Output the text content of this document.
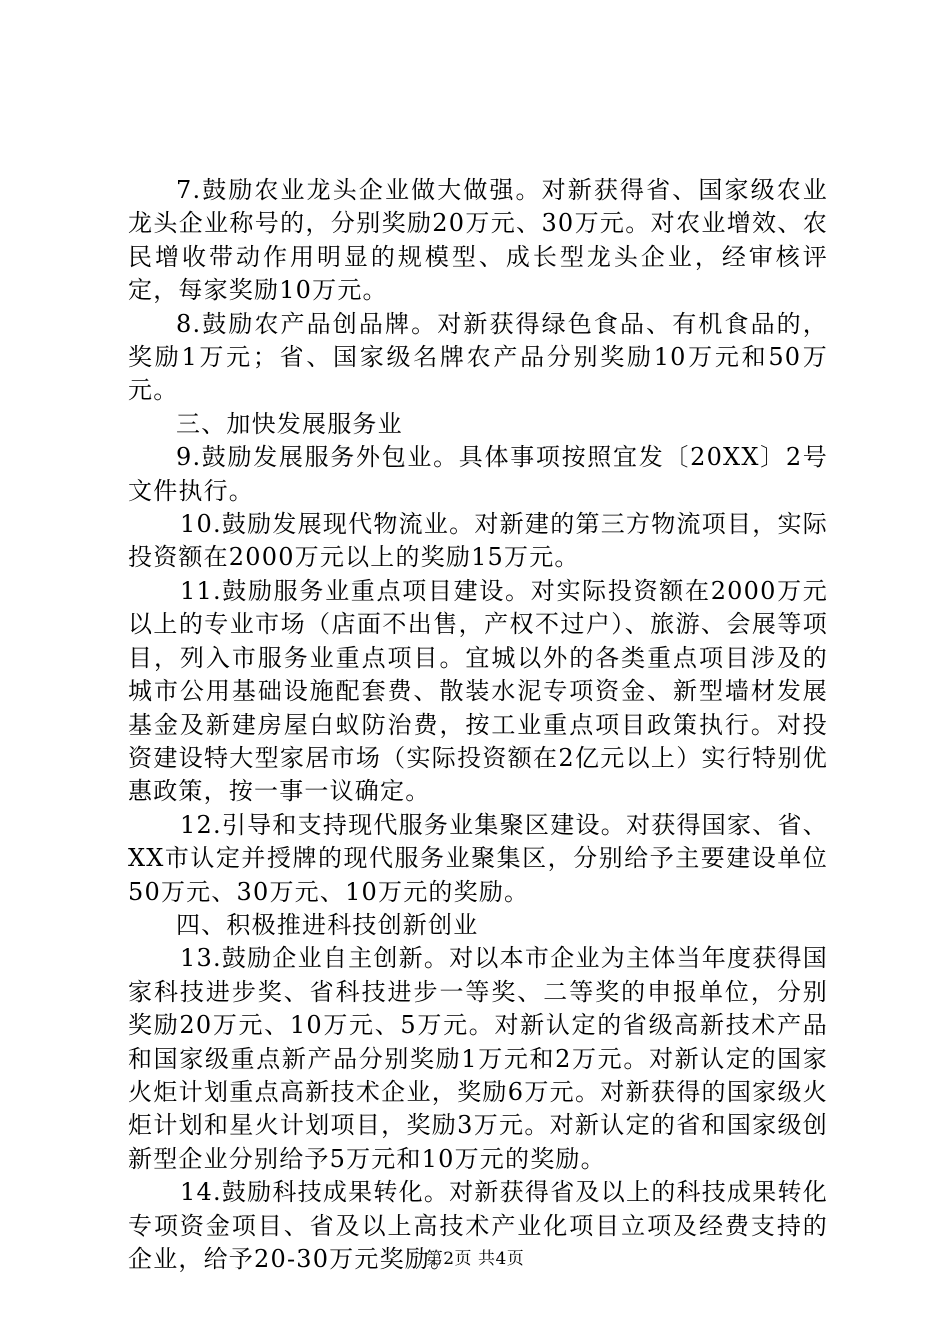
7.鼓励农业龙头企业做大做强。对新获得省、国家级农业龙头企业称号的，分别奖励20万元、30万元。对农业增效、农民增收带动作用明显的规模型、成长型龙头企业，经审核评定，每家奖励10万元。

8.鼓励农产品创品牌。对新获得绿色食品、有机食品的，奖励1万元；省、国家级名牌农产品分别奖励10万元和50万元。

三、加快发展服务业

9.鼓励发展服务外包业。具体事项按照宜发〔20XX〕2号文件执行。

10.鼓励发展现代物流业。对新建的第三方物流项目，实际投资额在2000万元以上的奖励15万元。

11.鼓励服务业重点项目建设。对实际投资额在2000万元以上的专业市场（店面不出售，产权不过户）、旅游、会展等项目，列入市服务业重点项目。宜城以外的各类重点项目涉及的城市公用基础设施配套费、散装水泥专项资金、新型墙材发展基金及新建房屋白蚁防治费，按工业重点项目政策执行。对投资建设特大型家居市场（实际投资额在2亿元以上）实行特别优惠政策，按一事一议确定。

12.引导和支持现代服务业集聚区建设。对获得国家、省、XX市认定并授牌的现代服务业聚集区，分别给予主要建设单位50万元、30万元、10万元的奖励。

四、积极推进科技创新创业

13.鼓励企业自主创新。对以本市企业为主体当年度获得国家科技进步奖、省科技进步一等奖、二等奖的申报单位，分别奖励20万元、10万元、5万元。对新认定的省级高新技术产品和国家级重点新产品分别奖励1万元和2万元。对新认定的国家火炬计划重点高新技术企业，奖励6万元。对新获得的国家级火炬计划和星火计划项目，奖励3万元。对新认定的省和国家级创新型企业分别给予5万元和10万元的奖励。

14.鼓励科技成果转化。对新获得省及以上的科技成果转化专项资金项目、省及以上高技术产业化项目立项及经费支持的企业，给予20-30万元奖励。

第2页 共4页
